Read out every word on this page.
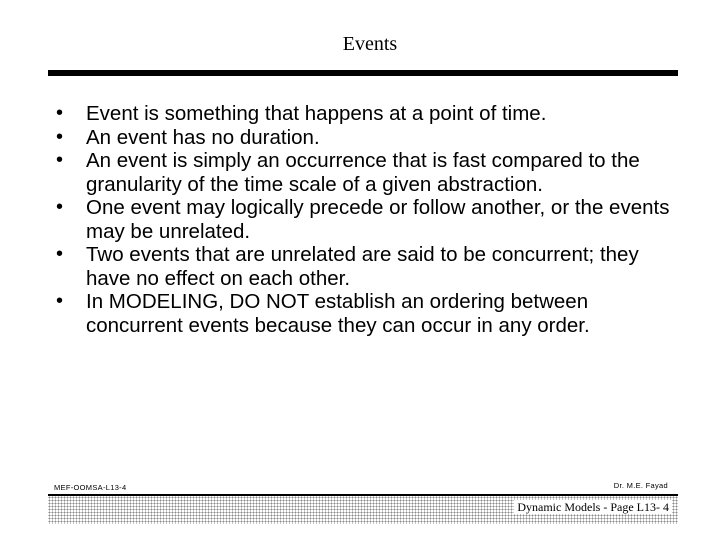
Events
•	Event is something that happens at a point of time.
•	An event has no duration.
•	An event is simply an occurrence that is fast compared to the granularity of the time scale of a given abstraction.
•	One event may logically precede or follow another, or the events may be unrelated.
•	Two events that are unrelated are said to be concurrent; they have no effect on each other.
•	In MODELING, DO NOT establish an ordering between concurrent events because they can occur in any order.
MEF-OOMSA-L13-4	Dr. M.E. Fayad
Dynamic Models - Page L13- 4
